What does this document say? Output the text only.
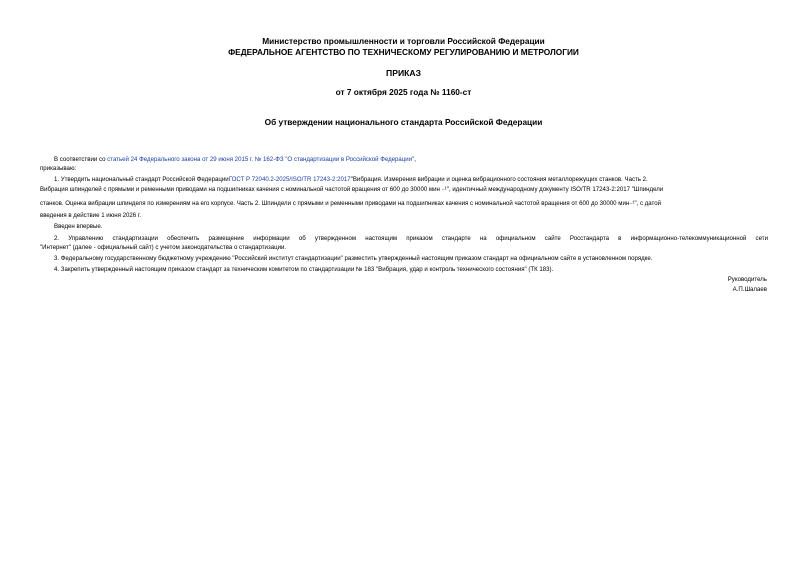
Министерство промышленности и торговли Российской Федерации
ФЕДЕРАЛЬНОЕ АГЕНТСТВО ПО ТЕХНИЧЕСКОМУ РЕГУЛИРОВАНИЮ И МЕТРОЛОГИИ
ПРИКАЗ
от 7 октября 2025 года № 1160-ст
Об утверждении национального стандарта Российской Федерации
В соответствии со статьей 24 Федерального закона от 29 июня 2015 г. № 162-ФЗ "О стандартизации в Российской Федерации",
приказываю:
1. Утвердить национальный стандарт Российской ФедерацииГОСТ Р 72040.2-2025/ISO/TR 17243-2:2017"Вибрация. Измерения вибрации и оценка вибрационного состояния металлорежущих станков. Часть 2.
Вибрация шпинделей с прямыми и ременными приводами на подшипниках качения с номинальной частотой вращения от 600 до 30000 мин ₋¹", идентичный международному документу ISO/TR 17243-2:2017 "Шпиндели
станков. Оценка вибрации шпинделя по измерениям на его корпусе. Часть 2. Шпиндели с прямыми и ременными приводами на подшипниках качения с номинальной частотой вращения от 600 до 30000 мин₋¹", с датой
введения в действие 1 июня 2026 г.
Введен впервые.
2. Управлению стандартизации обеспечить размещение информации об утвержденном настоящим приказом стандарте на официальном сайте Росстандарта в информационно-телекоммуникационной сети
"Интернет" (далее - официальный сайт) с учетом законодательства о стандартизации.
3. Федеральному государственному бюджетному учреждению "Российский институт стандартизации" разместить утвержденный настоящим приказом стандарт на официальном сайте в установленном порядке.
4. Закрепить утвержденный настоящим приказом стандарт за техническим комитетом по стандартизации № 183 "Вибрация, удар и контроль технического состояния" (ТК 183).
Руководитель
А.П.Шалаев
